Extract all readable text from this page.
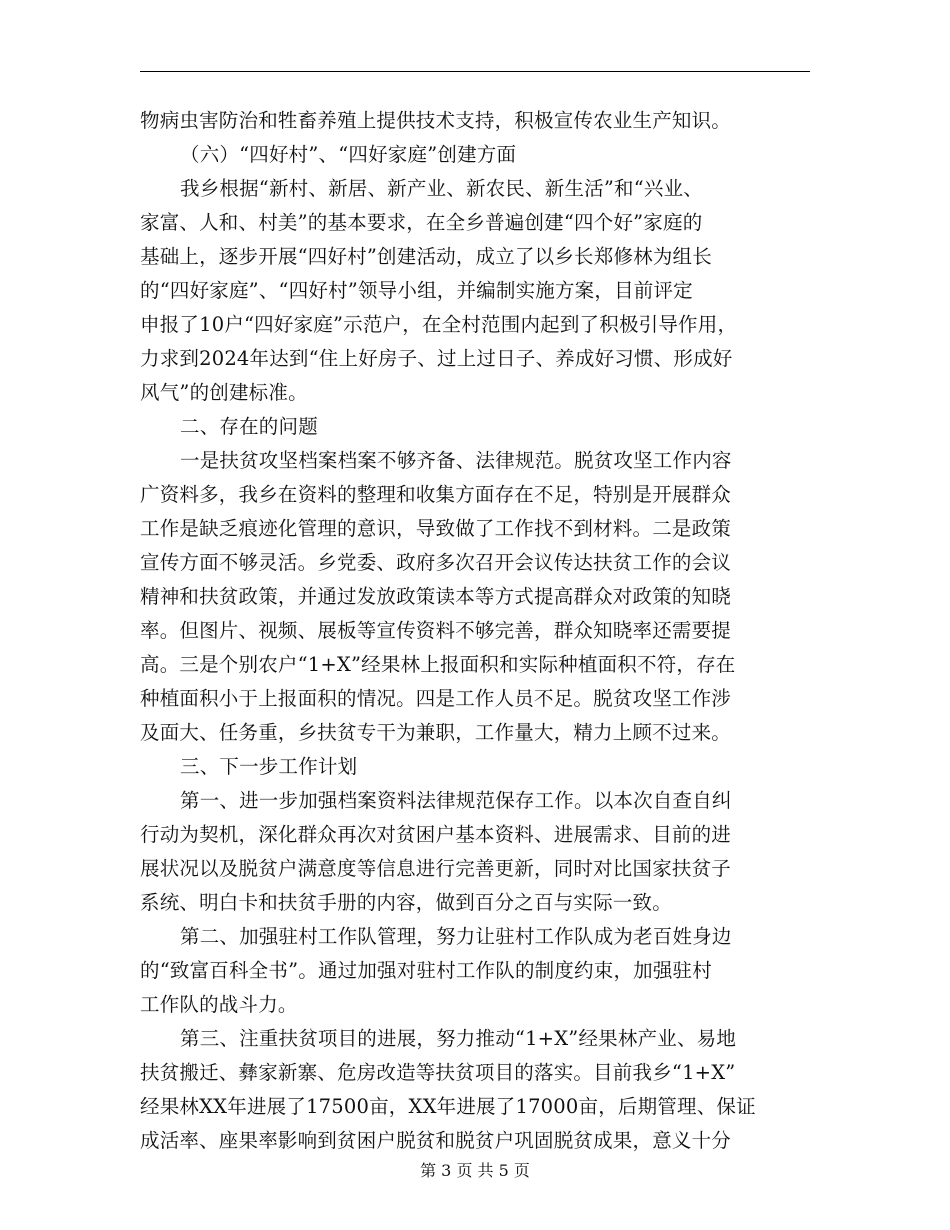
物病虫害防治和牲畜养殖上提供技术支持，积极宣传农业生产知识。
（六）“四好村”、“四好家庭”创建方面
我乡根据“新村、新居、新产业、新农民、新生活”和“兴业、
家富、人和、村美”的基本要求，在全乡普遍创建“四个好”家庭的
基础上，逐步开展“四好村”创建活动，成立了以乡长郑修林为组长
的“四好家庭”、“四好村”领导小组，并编制实施方案，目前评定
申报了10户“四好家庭”示范户，在全村范围内起到了积极引导作用，
力求到2024年达到“住上好房子、过上过日子、养成好习惯、形成好
风气”的创建标准。
二、存在的问题
一是扶贫攻坚档案档案不够齐备、法律规范。脱贫攻坚工作内容
广资料多，我乡在资料的整理和收集方面存在不足，特别是开展群众
工作是缺乏痕迹化管理的意识，导致做了工作找不到材料。二是政策
宣传方面不够灵活。乡党委、政府多次召开会议传达扶贫工作的会议
精神和扶贫政策，并通过发放政策读本等方式提高群众对政策的知晓
率。但图片、视频、展板等宣传资料不够完善，群众知晓率还需要提
高。三是个别农户“1+X”经果林上报面积和实际种植面积不符，存在
种植面积小于上报面积的情况。四是工作人员不足。脱贫攻坚工作涉
及面大、任务重，乡扶贫专干为兼职，工作量大，精力上顾不过来。
三、下一步工作计划
第一、进一步加强档案资料法律规范保存工作。以本次自查自纠
行动为契机，深化群众再次对贫困户基本资料、进展需求、目前的进
展状况以及脱贫户满意度等信息进行完善更新，同时对比国家扶贫子
系统、明白卡和扶贫手册的内容，做到百分之百与实际一致。
第二、加强驻村工作队管理，努力让驻村工作队成为老百姓身边
的“致富百科全书”。通过加强对驻村工作队的制度约束，加强驻村
工作队的战斗力。
第三、注重扶贫项目的进展，努力推动“1+X”经果林产业、易地
扶贫搬迁、彝家新寨、危房改造等扶贫项目的落实。目前我乡“1+X”
经果林XX年进展了17500亩，XX年进展了17000亩，后期管理、保证
成活率、座果率影响到贫困户脱贫和脱贫户巩固脱贫成果，意义十分
第 3 页 共 5 页
